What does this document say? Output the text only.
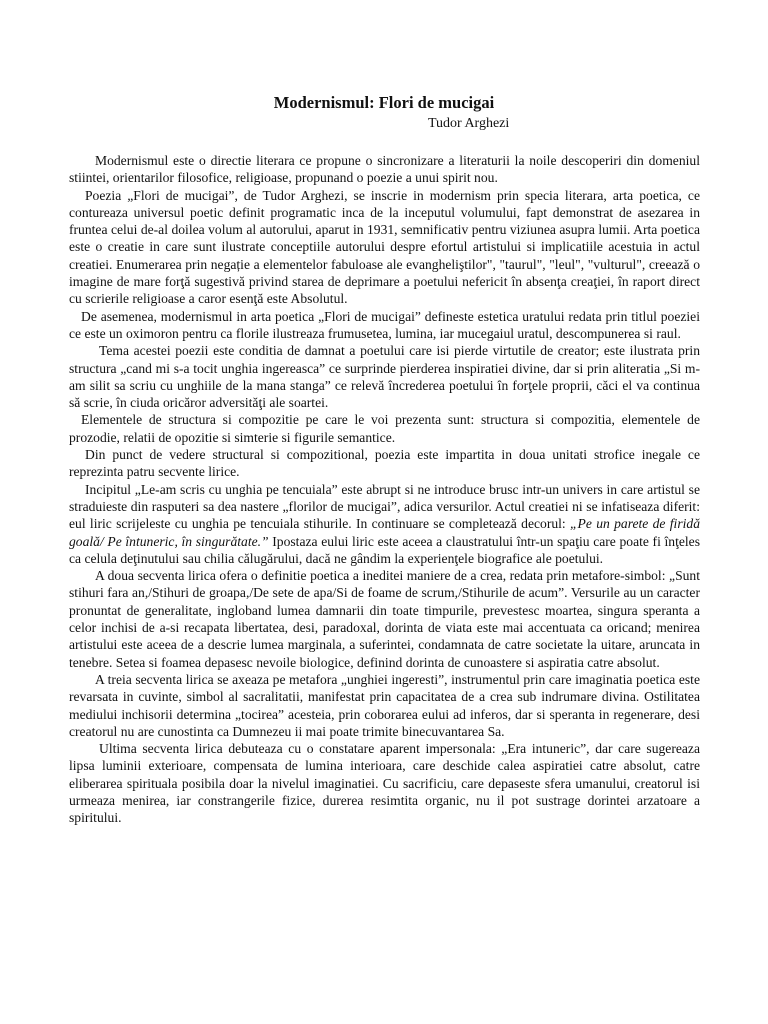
Modernismul: Flori de mucigai
Tudor Arghezi

Modernismul este o directie literara ce propune o sincronizare a literaturii la noile descoperiri din domeniul stiintei, orientarilor filosofice, religioase, propunand o poezie a unui spirit nou.

Poezia „Flori de mucigai”, de Tudor Arghezi, se inscrie in modernism prin specia literara, arta poetica, ce contureaza universul poetic definit programatic inca de la inceputul volumului, fapt demonstrat de asezarea in fruntea celui de-al doilea volum al autorului, aparut in 1931, semnificativ pentru viziunea asupra lumii. Arta poetica este o creatie in care sunt ilustrate conceptiile autorului despre efortul artistului si implicatiile acestuia in actul creatiei. Enumerarea prin negație a elementelor fabuloase ale evangheliştilor", "taurul", "leul", "vulturul", creează o imagine de mare forţă sugestivă privind starea de deprimare a poetului nefericit în absenţa creaţiei, în raport direct cu scrierile religioase a caror esenţă este Absolutul.

De asemenea, modernismul in arta poetica „Flori de mucigai” defineste estetica uratului redata prin titlul poeziei ce este un oximoron pentru ca florile ilustreaza frumusetea, lumina, iar mucegaiul uratul, descompunerea si raul.

Tema acestei poezii este conditia de damnat a poetului care isi pierde virtutile de creator; este ilustrata prin structura „cand mi s-a tocit unghia ingereasca” ce surprinde pierderea inspiratiei divine, dar si prin aliteratia „Si m-am silit sa scriu cu unghiile de la mana stanga” ce relevă încrederea poetului în forţele proprii, căci el va continua să scrie, în ciuda oricăror adversităţi ale soartei.

Elementele de structura si compozitie pe care le voi prezenta sunt: structura si compozitia, elementele de prozodie, relatii de opozitie si simterie si figurile semantice.

Din punct de vedere structural si compozitional, poezia este impartita in doua unitati strofice inegale ce reprezinta patru secvente lirice.

Incipitul „Le-am scris cu unghia pe tencuiala” este abrupt si ne introduce brusc intr-un univers in care artistul se straduieste din rasputeri sa dea nastere „florilor de mucigai”, adica versurilor. Actul creatiei ni se infatiseaza diferit: eul liric scrijeleste cu unghia pe tencuiala stihurile. In continuare se completează decorul: „Pe un parete de firidă goală/ Pe întuneric, în singurătate.” Ipostaza eului liric este aceea a claustratului într-un spaţiu care poate fi înţeles ca celula deţinutului sau chilia călugărului, dacă ne gândim la experienţele biografice ale poetului.

A doua secventa lirica ofera o definitie poetica a ineditei maniere de a crea, redata prin metafore-simbol: „Sunt stihuri fara an,/Stihuri de groapa,/De sete de apa/Si de foame de scrum,/Stihurile de acum”. Versurile au un caracter pronuntat de generalitate, ingloband lumea damnarii din toate timpurile, prevestesc moartea, singura speranta a celor inchisi de a-si recapata libertatea, desi, paradoxal, dorinta de viata este mai accentuata ca oricand; menirea artistului este aceea de a descrie lumea marginala, a suferintei, condamnata de catre societate la uitare, aruncata in tenebre. Setea si foamea depasesc nevoile biologice, definind dorinta de cunoastere si aspiratia catre absolut.

A treia secventa lirica se axeaza pe metafora „unghiei ingeresti”, instrumentul prin care imaginatia poetica este revarsata in cuvinte, simbol al sacralitatii, manifestat prin capacitatea de a crea sub indrumare divina. Ostilitatea mediului inchisorii determina „tocirea” acesteia, prin coborarea eului ad inferos, dar si speranta in regenerare, desi creatorul nu are cunostinta ca Dumnezeu ii mai poate trimite binecuvantarea Sa.

Ultima secventa lirica debuteaza cu o constatare aparent impersonala: „Era intuneric”, dar care sugereaza lipsa luminii exterioare, compensata de lumina interioara, care deschide calea aspiratiei catre absolut, catre eliberarea spirituala posibila doar la nivelul imaginatiei. Cu sacrificiu, care depaseste sfera umanului, creatorul isi urmeaza menirea, iar constrangerile fizice, durerea resimtita organic, nu il pot sustrage dorintei arzatoare a spiritului.
